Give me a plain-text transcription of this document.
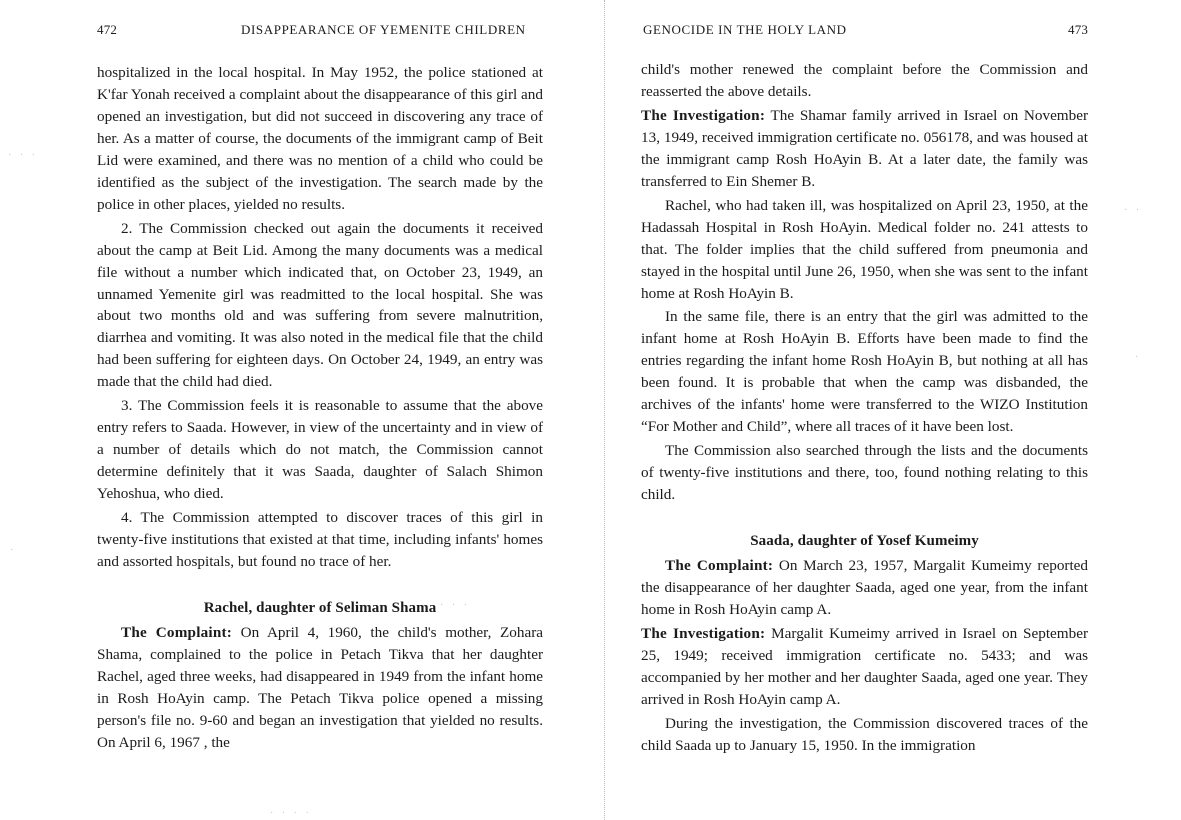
472	DISAPPEARANCE OF YEMENITE CHILDREN

hospitalized in the local hospital. In May 1952, the police stationed at K'far Yonah received a complaint about the disappearance of this girl and opened an investigation, but did not succeed in discovering any trace of her. As a matter of course, the documents of the immigrant camp of Beit Lid were examined, and there was no mention of a child who could be identified as the subject of the investigation. The search made by the police in other places, yielded no results.

2. The Commission checked out again the documents it received about the camp at Beit Lid. Among the many documents was a medical file without a number which indicated that, on October 23, 1949, an unnamed Yemenite girl was readmitted to the local hospital. She was about two months old and was suffering from severe malnutrition, diarrhea and vomiting. It was also noted in the medical file that the child had been suffering for eighteen days. On October 24, 1949, an entry was made that the child had died.

3. The Commission feels it is reasonable to assume that the above entry refers to Saada. However, in view of the uncertainty and in view of a number of details which do not match, the Commission cannot determine definitely that it was Saada, daughter of Salach Shimon Yehoshua, who died.

4. The Commission attempted to discover traces of this girl in twenty-five institutions that existed at that time, including infants' homes and assorted hospitals, but found no trace of her.

Rachel, daughter of Seliman Shama

The Complaint: On April 4, 1960, the child's mother, Zohara Shama, complained to the police in Petach Tikva that her daughter Rachel, aged three weeks, had disappeared in 1949 from the infant home in Rosh HoAyin camp. The Petach Tikva police opened a missing person's file no. 9-60 and began an investigation that yielded no results. On April 6, 1967 , the

GENOCIDE IN THE HOLY LAND	473

child's mother renewed the complaint before the Commission and reasserted the above details.

The Investigation: The Shamar family arrived in Israel on November 13, 1949, received immigration certificate no. 056178, and was housed at the immigrant camp Rosh HoAyin B. At a later date, the family was transferred to Ein Shemer B.

Rachel, who had taken ill, was hospitalized on April 23, 1950, at the Hadassah Hospital in Rosh HoAyin. Medical folder no. 241 attests to that. The folder implies that the child suffered from pneumonia and stayed in the hospital until June 26, 1950, when she was sent to the infant home at Rosh HoAyin B.

In the same file, there is an entry that the girl was admitted to the infant home at Rosh HoAyin B. Efforts have been made to find the entries regarding the infant home Rosh HoAyin B, but nothing at all has been found. It is probable that when the camp was disbanded, the archives of the infants' home were transferred to the WIZO Institution “For Mother and Child”, where all traces of it have been lost.

The Commission also searched through the lists and the documents of twenty-five institutions and there, too, found nothing relating to this child.

Saada, daughter of Yosef Kumeimy

The Complaint: On March 23, 1957, Margalit Kumeimy reported the disappearance of her daughter Saada, aged one year, from the infant home in Rosh HoAyin camp A.

The Investigation: Margalit Kumeimy arrived in Israel on September 25, 1949; received immigration certificate no. 5433; and was accompanied by her mother and her daughter Saada, aged one year. They arrived in Rosh HoAyin camp A.

During the investigation, the Commission discovered traces of the child Saada up to January 15, 1950. In the immigration

· · ·
· ·
·
· · ·
· · · ·
·
